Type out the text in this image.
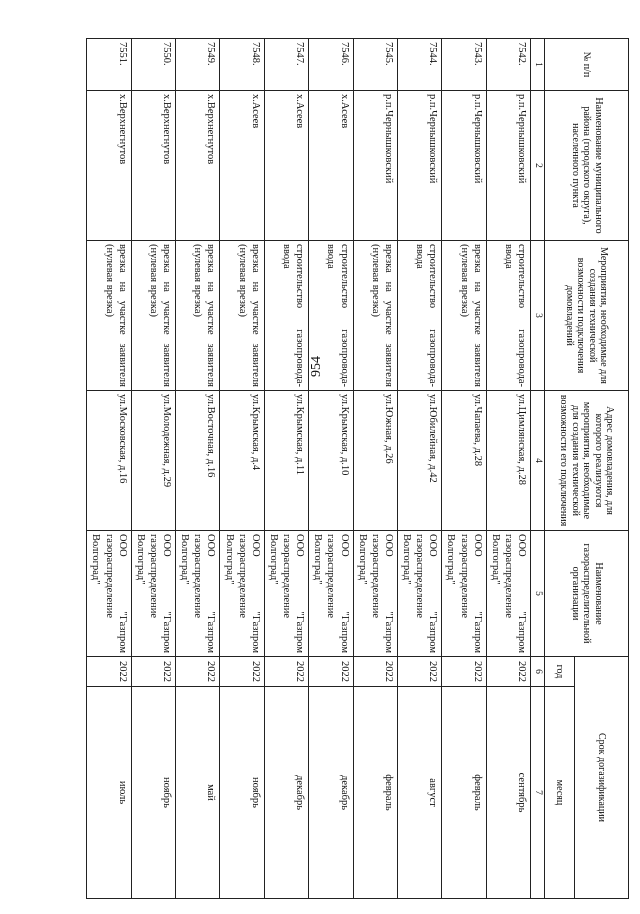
954
№ п/п	Наименование муниципального района (городского округа), населенного пункта	Мероприятия, необходимые для создания технической возможности подключения домовладений	Адрес домовладения, для которого реализуются мероприятия, необходимые для создания технической возможности его подключения	Наименование газораспределительной организации	Срок догазификации	
					год	месяц
1	2	3	4	5	6	7
7542.	р.п.Чернышковский	строительство газопровода-ввода	ул.Цимлянская, д.28	ООО "Газпром газораспределение Волгоград"	2022	сентябрь
7543.	р.п.Чернышковский	врезка на участке заявителя (нулевая врезка)	ул.Чапаева, д.28	ООО "Газпром газораспределение Волгоград"	2022	февраль
7544.	р.п.Чернышковский	строительство газопровода-ввода	ул.Юбилейная, д.42	ООО "Газпром газораспределение Волгоград"	2022	август
7545.	р.п.Чернышковский	врезка на участке заявителя (нулевая врезка)	ул.Южная, д.26	ООО "Газпром газораспределение Волгоград"	2022	февраль
7546.	х.Асеев	строительство газопровода-ввода	ул.Крымская, д.10	ООО "Газпром газораспределение Волгоград"	2022	декабрь
7547.	х.Асеев	строительство газопровода-ввода	ул.Крымская, д.11	ООО "Газпром газораспределение Волгоград"	2022	декабрь
7548.	х.Асеев	врезка на участке заявителя (нулевая врезка)	ул.Крымская, д.4	ООО "Газпром газораспределение Волгоград"	2022	ноябрь
7549.	х.Верхнегнутов	врезка на участке заявителя (нулевая врезка)	ул.Восточная, д.16	ООО "Газпром газораспределение Волгоград"	2022	май
7550.	х.Верхнегнутов	врезка на участке заявителя (нулевая врезка)	ул.Молодежная, д.29	ООО "Газпром газораспределение Волгоград"	2022	ноябрь
7551.	х.Верхнегнутов	врезка на участке заявителя (нулевая врезка)	ул.Московская, д.16	ООО "Газпром газораспределение Волгоград"	2022	июль
